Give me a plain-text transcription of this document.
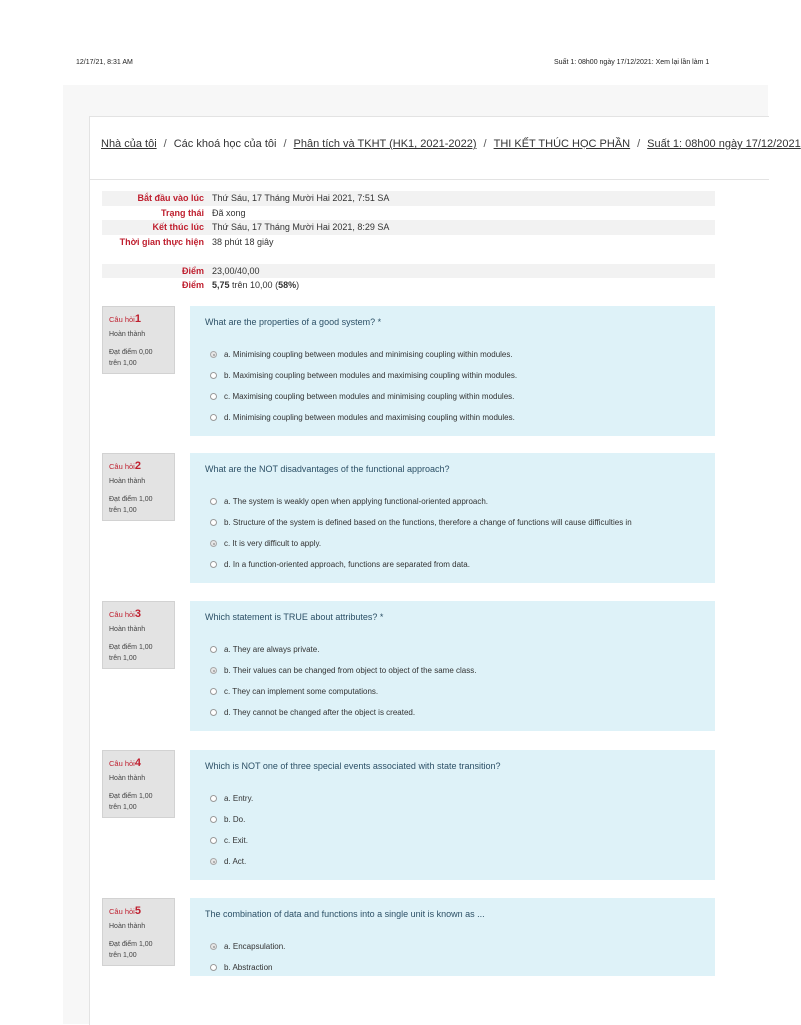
12/17/21, 8:31 AM	Suất 1: 08h00 ngày 17/12/2021: Xem lại lần làm 1
Nhà của tôi / Các khoá học của tôi / Phân tích và TKHT (HK1, 2021-2022) / THI KẾT THÚC HỌC PHẦN / Suất 1: 08h00 ngày 17/12/2021
Bắt đầu vào lúc	Thứ Sáu, 17 Tháng Mười Hai 2021, 7:51 SA
Trạng thái	Đã xong
Kết thúc lúc	Thứ Sáu, 17 Tháng Mười Hai 2021, 8:29 SA

Thời gian thực hiện	38 phút 18 giây
Điểm	23,00/40,00
Điểm	5,75 trên 10,00 (58%)
Câu hỏi1
Hoàn thành
Đạt điểm 0,00
trên 1,00
What are the properties of a good system? *
a. Minimising coupling between modules and minimising coupling within modules.
b. Maximising coupling between modules and maximising coupling within modules.
c. Maximising coupling between modules and minimising coupling within modules.
d. Minimising coupling between modules and maximising coupling within modules.
Câu hỏi2
Hoàn thành
Đạt điểm 1,00
trên 1,00
What are the NOT disadvantages of the functional approach?
a. The system is weakly open when applying functional-oriented approach.
b. Structure of the system is defined based on the functions, therefore a change of functions will cause difficulties in
c. It is very difficult to apply.
d. In a function-oriented approach, functions are separated from data.
Câu hỏi3
Hoàn thành
Đạt điểm 1,00
trên 1,00
Which statement is TRUE about attributes? *
a. They are always private.
b. Their values can be changed from object to object of the same class.
c. They can implement some computations.
d. They cannot be changed after the object is created.
Câu hỏi4
Hoàn thành
Đạt điểm 1,00
trên 1,00
Which is NOT one of three special events associated with state transition?
a. Entry.
b. Do.
c. Exit.
d. Act.
Câu hỏi5
Hoàn thành
Đạt điểm 1,00
trên 1,00
The combination of data and functions into a single unit is known as ...
a. Encapsulation.
b. Abstraction
